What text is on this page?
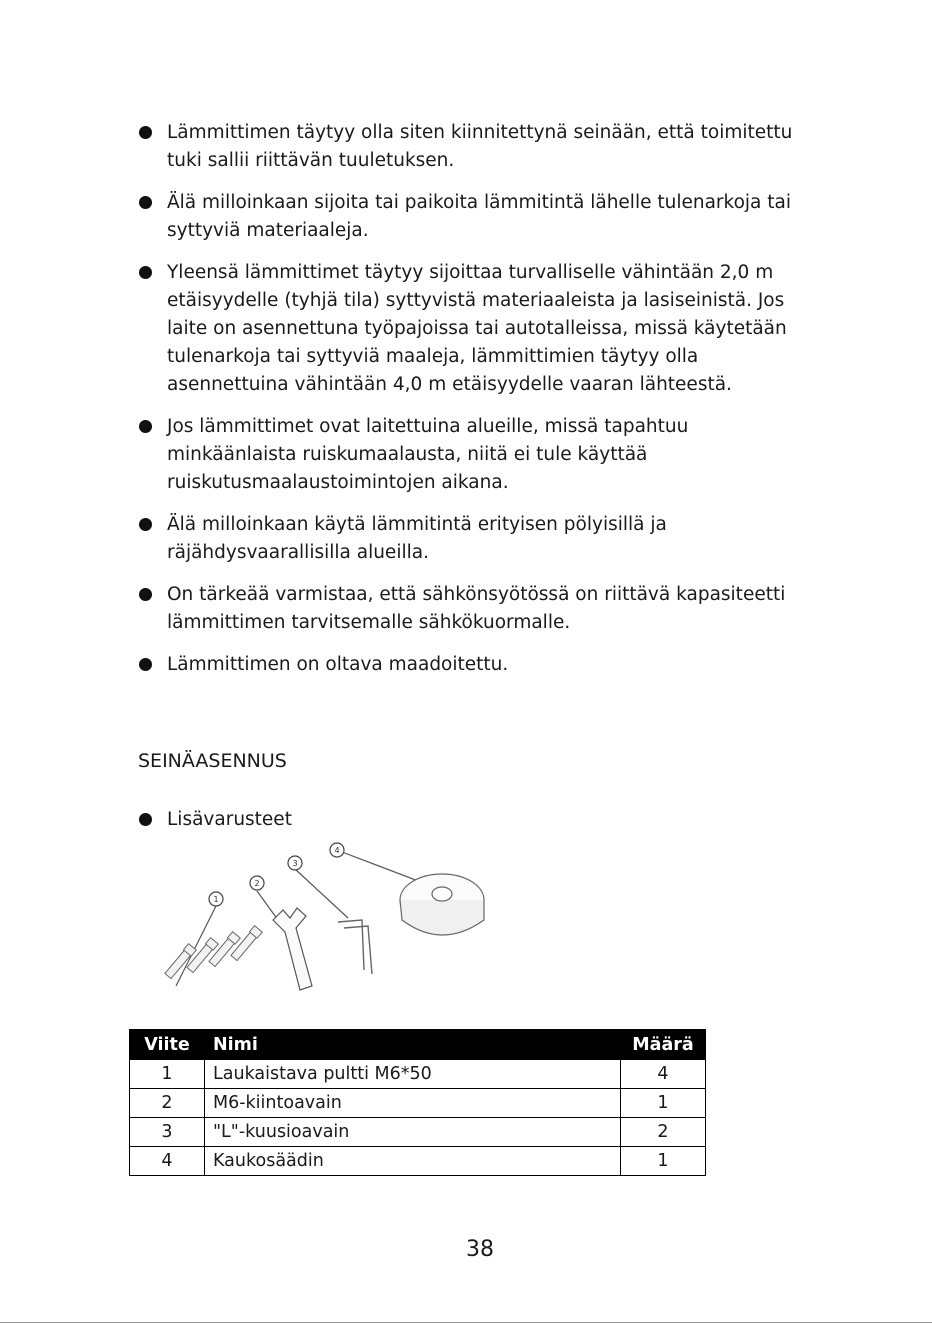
Lämmittimen täytyy olla siten kiinnitettynä seinään, että toimitettu tuki sallii riittävän tuuletuksen.
Älä milloinkaan sijoita tai paikoita lämmitintä lähelle tulenarkoja tai syttyviä materiaaleja.
Yleensä lämmittimet täytyy sijoittaa turvalliselle vähintään 2,0 m etäisyydelle (tyhjä tila) syttyvistä materiaaleista ja lasiseinistä. Jos laite on asennettuna työpajoissa tai autotalleissa, missä käytetään tulenarkoja tai syttyviä maaleja, lämmittimien täytyy olla asennettuina vähintään 4,0 m etäisyydelle vaaran lähteestä.
Jos lämmittimet ovat laitettuina alueille, missä tapahtuu minkäänlaista ruiskumaalausta, niitä ei tule käyttää ruiskutusmaalaustoimintojen aikana.
Älä milloinkaan käytä lämmitintä erityisen pölyisillä ja räjähdysvaarallisilla alueilla.
On tärkeää varmistaa, että sähkönsyötössä on riittävä kapasiteetti lämmittimen tarvitsemalle sähkökuormalle.
Lämmittimen on oltava maadoitettu.
SEINÄASENNUS
Lisävarusteet
1
2
3
4
Viite	Nimi	Määrä
1	Laukaistava pultti M6*50	4
2	M6-kiintoavain	1
3	"L"-kuusioavain	2
4	Kaukosäädin	1
38
